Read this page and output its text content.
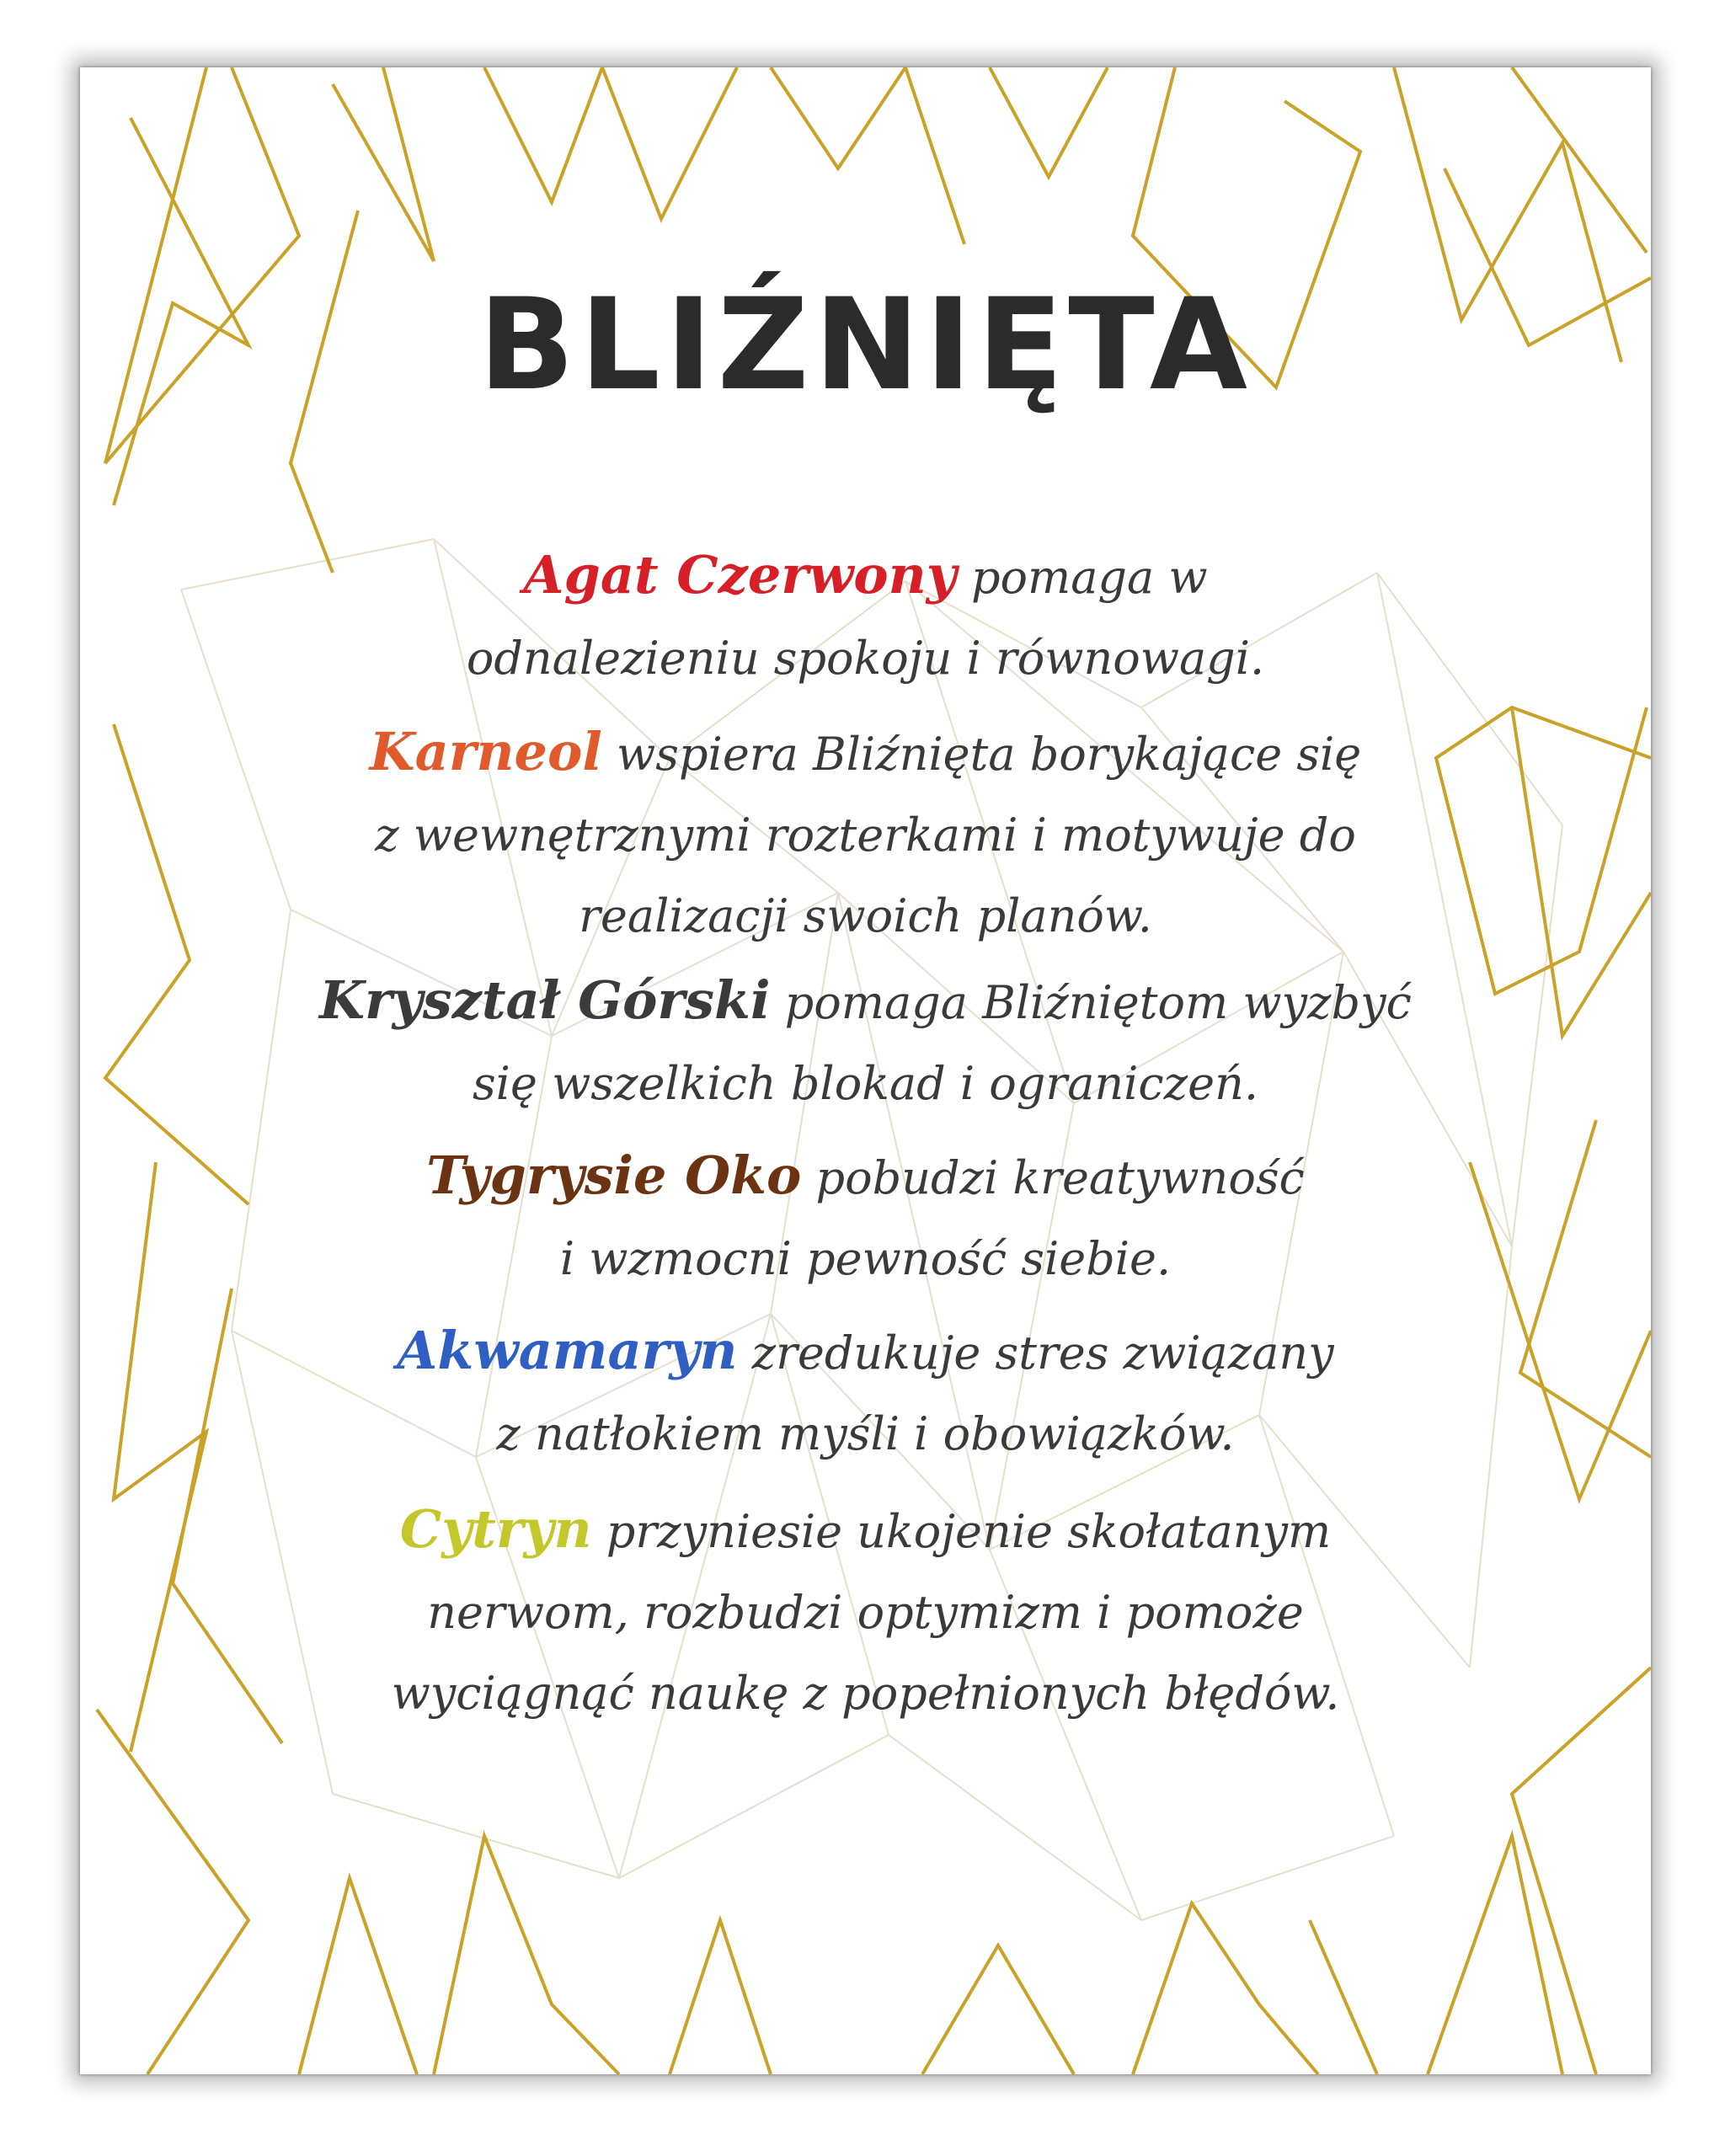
BLIŹNIĘTA
Agat Czerwony pomaga w
odnalezieniu spokoju i równowagi.
Karneol wspiera Bliźnięta borykające się
z wewnętrznymi rozterkami i motywuje do
realizacji swoich planów.
Kryształ Górski pomaga Bliźniętom wyzbyć
się wszelkich blokad i ograniczeń.
Tygrysie Oko pobudzi kreatywność
i wzmocni pewność siebie.
Akwamaryn zredukuje stres związany
z natłokiem myśli i obowiązków.
Cytryn przyniesie ukojenie skołatanym
nerwom, rozbudzi optymizm i pomoże
wyciągnąć naukę z popełnionych błędów.
